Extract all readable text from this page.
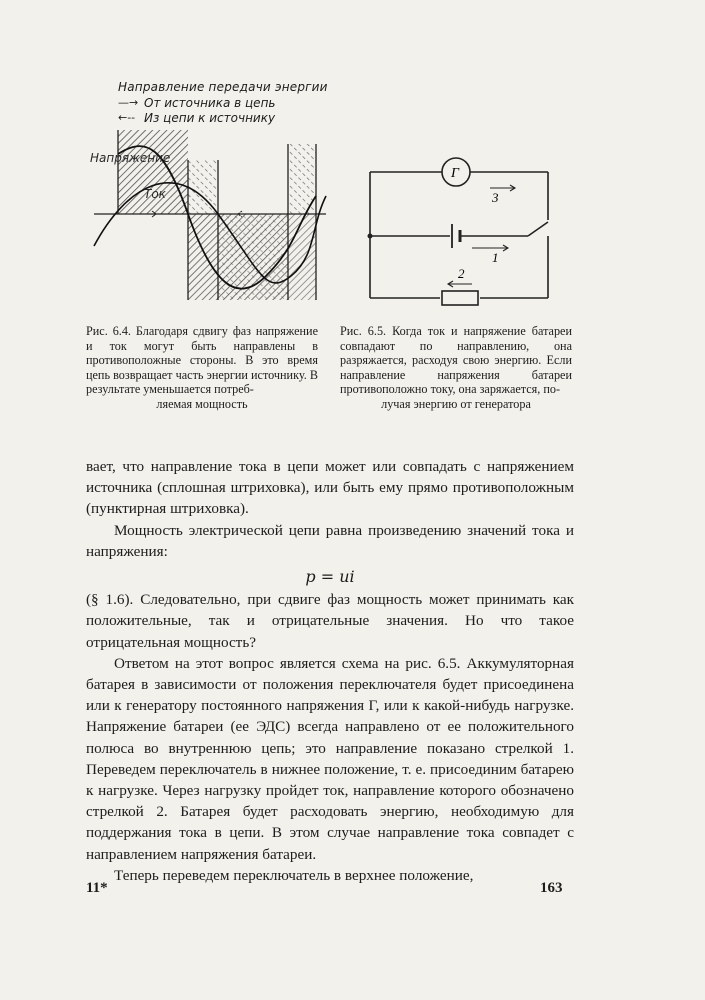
Направление передачи энергии
—→ От источника в цепь
←‑‑ Из цепи к источнику
Напряжение
Ток
Г
3
1
2
Рис. 6.4. Благодаря сдвигу фаз напряжение и ток могут быть направлены в противоположные стороны. В это время цепь возвращает часть энергии источнику. В результате уменьшается потреб-
ляемая мощность
Рис. 6.5. Когда ток и напряжение батареи совпадают по направлению, она разряжается, расходуя свою энергию. Если направление напряжения батареи противоположно току, она заряжается, по-
лучая энергию от генератора

вает, что направление тока в цепи может или совпадать с напряжением источника (сплошная штриховка), или быть ему прямо противоположным (пунктирная штриховка).

Мощность электрической цепи равна произведению значений тока и напряжения:

p = ui

(§ 1.6). Следовательно, при сдвиге фаз мощность может принимать как положительные, так и отрицательные значения. Но что такое отрицательная мощность?

Ответом на этот вопрос является схема на рис. 6.5. Аккумуляторная батарея в зависимости от положения переключателя будет присоединена или к генератору постоянного напряжения Г, или к какой-нибудь нагрузке. Напряжение батареи (ее ЭДС) всегда направлено от ее положительного полюса во внутреннюю цепь; это направление показано стрелкой 1. Переведем переключатель в нижнее положение, т. е. присоединим батарею к нагрузке. Через нагрузку пройдет ток, направление которого обозначено стрелкой 2. Батарея будет расходовать энергию, необходимую для поддержания тока в цепи. В этом случае направление тока совпадет с направлением напряжения батареи.

Теперь переведем переключатель в верхнее положение,

11*	163
